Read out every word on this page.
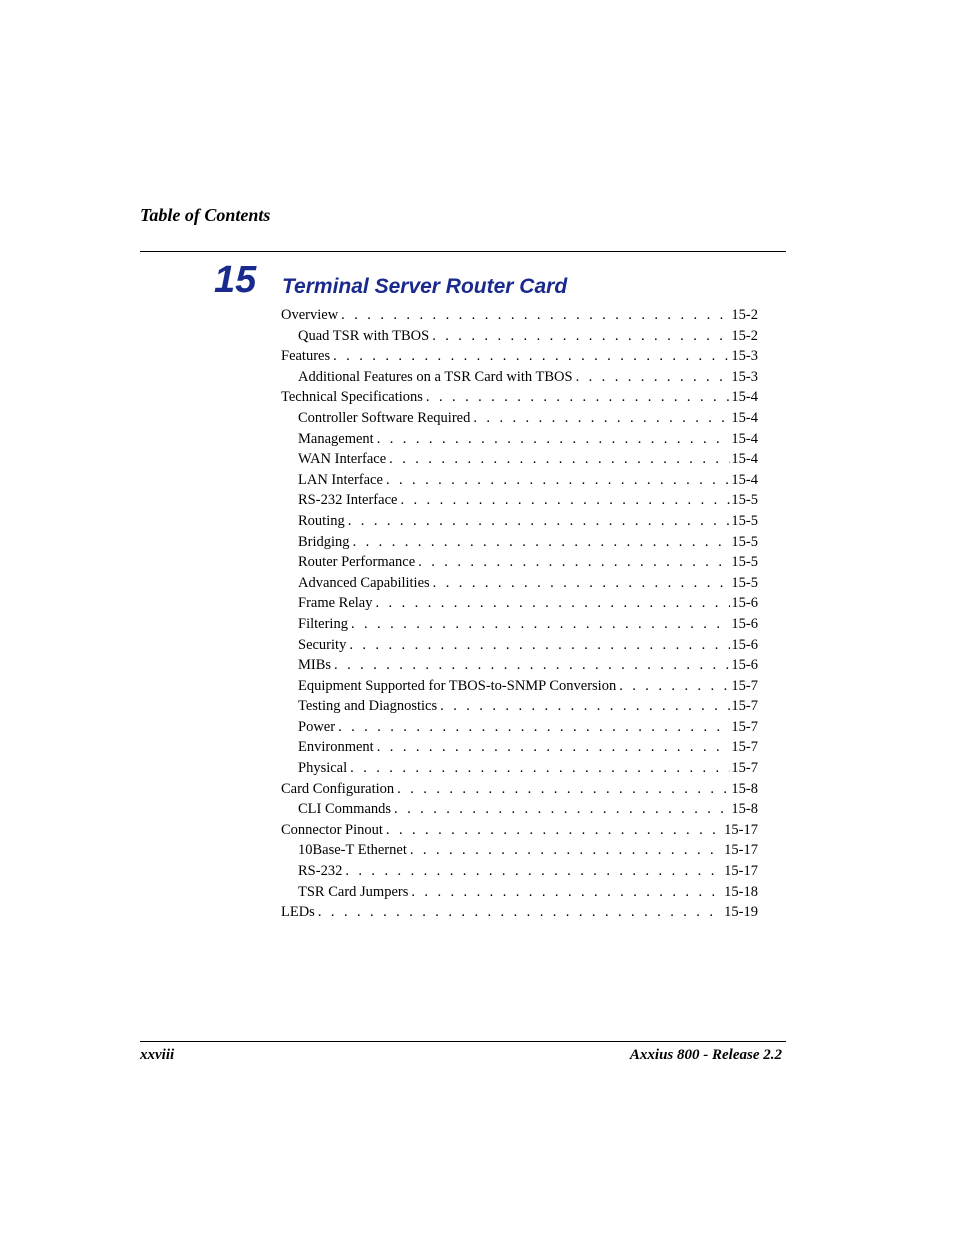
Table of Contents
15 Terminal Server Router Card
Overview . . .	15-2
Quad TSR with TBOS . . .	15-2
Features . . .	15-3
Additional Features on a TSR Card with TBOS . . .	15-3
Technical Specifications . . .	15-4
Controller Software Required . . .	15-4
Management . . .	15-4
WAN Interface . . .	15-4
LAN Interface . . .	15-4
RS-232 Interface . . .	15-5
Routing . . .	15-5
Bridging . . .	15-5
Router Performance . . .	15-5
Advanced Capabilities . . .	15-5
Frame Relay . . .	15-6
Filtering . . .	15-6
Security . . .	15-6
MIBs . . .	15-6
Equipment Supported for TBOS-to-SNMP Conversion . . .	15-7
Testing and Diagnostics . . .	15-7
Power . . .	15-7
Environment . . .	15-7
Physical . . .	15-7
Card Configuration . . .	15-8
CLI Commands . . .	15-8
Connector Pinout . . .	15-17
10Base-T Ethernet . . .	15-17
RS-232 . . .	15-17
TSR Card Jumpers . . .	15-18
LEDs . . .	15-19
xxviii	Axxius 800 - Release 2.2
